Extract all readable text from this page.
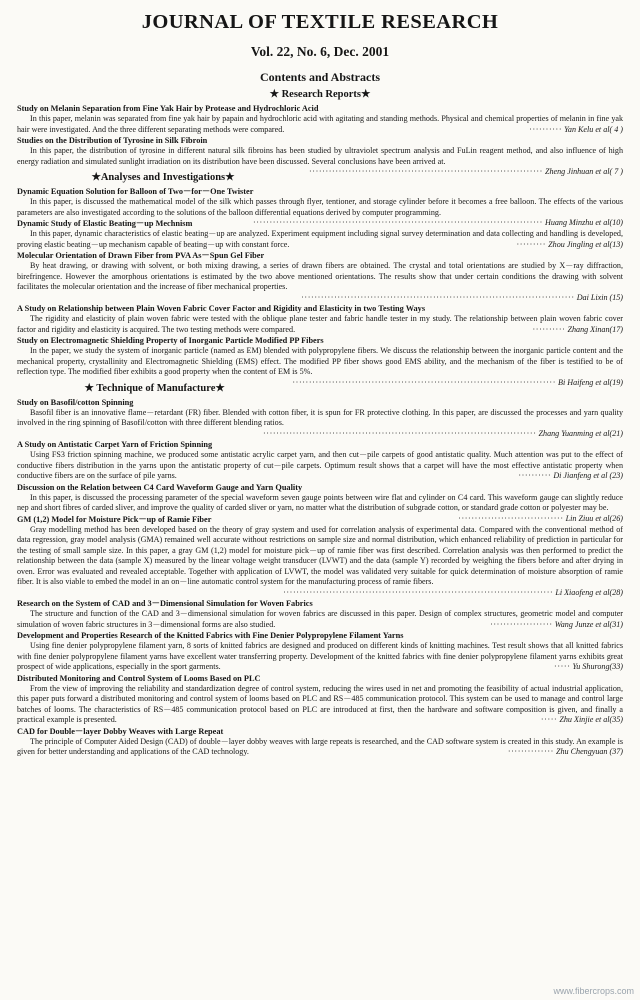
JOURNAL OF TEXTILE RESEARCH
Vol. 22, No. 6, Dec. 2001
Contents and Abstracts
★ Research Reports★
Study on Melanin Separation from Fine Yak Hair by Protease and Hydrochloric Acid
In this paper, melanin was separated from fine yak hair by papain and hydrochloric acid with agitating and standing methods. Physical and chemical properties of melanin in fine yak hair were investigated. And the three different separating methods were compared.	·········· Yan Kelu et al( 4 )
Studies on the Distribution of Tyrosine in Silk Fibroin
In this paper, the distribution of tyrosine in different natural silk fibroins has been studied by ultraviolet spectrum analysis and FuLin reagent method, and also influence of high energy radiation and simulated sunlight irradiation on its distribution have been discussed. Several conclusions have been arrived at.
······································································· Zheng Jinhuan et al( 7 )
★Analyses and Investigations★
Dynamic Equation Solution for Balloon of Two－for－One Twister
In this paper, is discussed the mathematical model of the silk which passes through flyer, tentioner, and storage cylinder before it becomes a free balloon. The effects of the various parameters are also investigated according to the solutions of the balloon differential equations derived by computer programming.
························································································ Huang Minzhu et al(10)
Dynamic Study of Elastic Beating－up Mechnism
In this paper, dynamic characteristics of elastic beating－up are analyzed. Experiment equipment including signal survey determination and data collecting and handling is developed, proving elastic beating－up mechanism capable of beating－up with constant force.	········· Zhou Jingling et al(13)
Molecular Orientation of Drawn Fiber from PVA As－Spun Gel Fiber
By heat drawing, or drawing with solvent, or both mixing drawing, a series of drawn fibers are obtained. The crystal and total orientations are studied by X－ray diffraction, birefringence. However the amorphous orientations is estimated by the two above mentioned orientations. The results show that under certain conditions the drawing with solvent facilitates the molecular orientation and the increase of fiber mechanical properties.
··················································································· Dai Lixin (15)
A Study on Relationship between Plain Woven Fabric Cover Factor and Rigidity and Elasticity in two Testing Ways
The rigidity and elasticity of plain woven fabric were tested with the oblique plane tester and fabric handle tester in my study. The relationship between plain woven fabric cover factor and rigidity and elasticity is acquired. The two testing methods were compared.	·········· Zhang Xinan(17)
Study on Electromagnetic Shielding Property of Inorganic Particle Modified PP Fibers
In the paper, we study the system of inorganic particle (named as EM) blended with polypropylene fibers. We discuss the relationship between the inorganic particle content and the mechanical property, crystallinity and Electromagnetic Shielding (EMS) effect. The modified PP fiber shows good EMS ability, and the mechanism of the fiber is testified to be of reflection type. The modified fiber exhibits a good property when the content of EM is 5%.
················································································ Bi Haifeng et al(19)
★ Technique of Manufacture★
Study on Basofil/cotton Spinning
Basofil fiber is an innovative flame－retardant (FR) fiber. Blended with cotton fiber, it is spun for FR protective clothing. In this paper, are discussed the processes and yarn quality involved in the ring spinning of Basofil/cotton with three different blending ratios.
··················································································· Zhang Yuanming et al(21)
A Study on Antistatic Carpet Yarn of Friction Spinning
Using FS3 friction spinning machine, we produced some antistatic acrylic carpet yarn, and then cut－pile carpets of good antistatic quality. Much attention was put to the effect of conductive fibers distribution in the yarns upon the antistatic property of cut－pile carpets. Optimum result shows that a carpet will have the most effective antistatic property when conductive fibers are on the surface of pile yarns.	·········· Di Jianfeng et al (23)
Discussion on the Relation between C4 Card Waveform Gauge and Yarn Quality
In this paper, is discussed the processing parameter of the special waveform seven gauge points between wire flat and cylinder on C4 card. This waveform gauge can slightly reduce nep and short fibres of carded sliver, and improve the quality of carded sliver or yarn, no matter what the distribution of subgrade cotton, or standard grade cotton or polyester may be.
································ Lin Ziuu et al(26)
GM (1,2) Model for Moisture Pick－up of Ramie Fiber
Gray modelling method has been developed based on the theory of gray system and used for correlation analysis of experimental data. Compared with the conventional method of data regression, gray model analysis (GMA) remained well accurate without restrictions on sample size and normal distribution, which enhanced reliability of prediction in particular for the testing of small sample size. In this paper, a gray GM (1,2) model for moisture pick－up of ramie fiber was first described. Correlation analysis was then performed to predict the relationship between the data (sample X) measured by the linear voltage weight transducer (LVWT) and the data (sample Y) recorded by weighing the fibers before and after drying in oven. Error was evaluated and revealed acceptable. Together with application of LVWT, the model was validated very suitable for quick determination of moisture absorption of ramie fiber. It is also viable to embed the model in an on－line automatic control system for the manufacturing process of ramie fibers.
·················································································· Li Xiaofeng et al(28)
Research on the System of CAD and 3－Dimensional Simulation for Woven Fabrics
The structure and function of the CAD and 3－dimensional simulation for woven fabrics are discussed in this paper. Design of complex structures, geometric model and computer simulation of woven fabric structures in 3－dimensional forms are also studied.	··················· Wang Junze et al(31)
Development and Properties Research of the Knitted Fabrics with Fine Denier Polypropylene Filament Yarns
Using fine denier polypropylene filament yarn, 8 sorts of knitted fabrics are designed and produced on different kinds of knitting machines. Test result shows that all knitted fabrics with fine denier polypropylene filament yarns have excellent water transferring property. Development of the knitted fabrics with fine denier polypropylene filament yarns exhibits great prospect of wide applications, especially in the sport garments.	····· Yu Shurong(33)
Distributed Monitoring and Control System of Looms Based on PLC
From the view of improving the reliability and standardization degree of control system, reducing the wires used in net and promoting the feasibility of actual industrial application, this paper puts forward a distributed monitoring and control system of looms based on PLC and RS－485 communication protocol. This system can be used to manage and control large batches of looms. The characteristics of RS－485 communication protocol based on PLC are introduced at first, then the hardware and software composition is given, and finally a practical example is presented.	····· Zhu Xinjie et al(35)
CAD for Double－layer Dobby Weaves with Large Repeat
The principle of Computer Aided Design (CAD) of double－layer dobby weaves with large repeats is researched, and the CAD software system is created in this study. An example is given for better understanding and applications of the CAD technology.	·············· Zhu Chengyuan (37)
www.fibercrops.com
